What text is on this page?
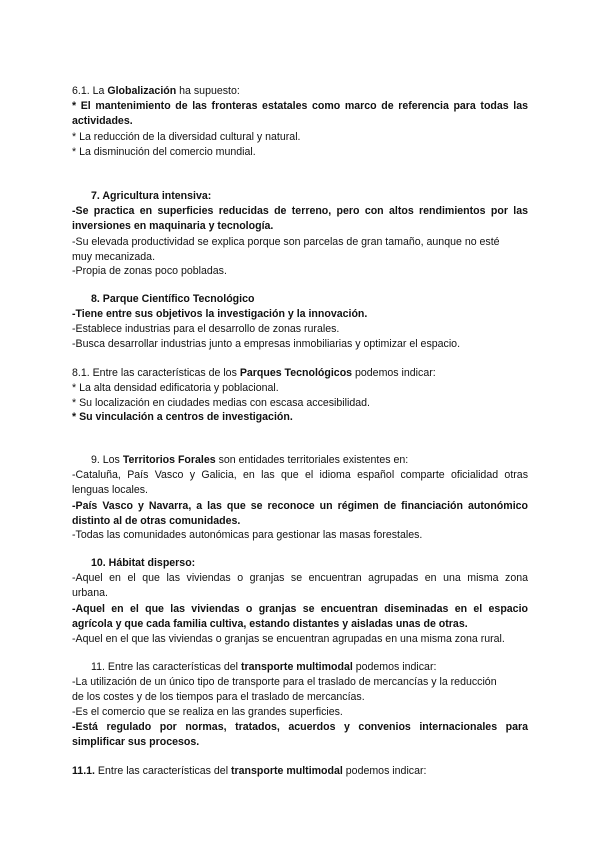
6.1. La Globalización ha supuesto:
* El mantenimiento de las fronteras estatales como marco de referencia para todas las
actividades.
* La reducción de la diversidad cultural y natural.
* La disminución del comercio mundial.
7. Agricultura intensiva:
-Se practica en superficies reducidas de terreno, pero con altos rendimientos por las
inversiones en maquinaria y tecnología.
-Su elevada productividad se explica porque son parcelas de gran tamaño, aunque no esté
muy mecanizada.
-Propia de zonas poco pobladas.
8. Parque Científico Tecnológico
-Tiene entre sus objetivos la investigación y la innovación.
-Establece industrias para el desarrollo de zonas rurales.
-Busca desarrollar industrias junto a empresas inmobiliarias y optimizar el espacio.
8.1. Entre las características de los Parques Tecnológicos podemos indicar:
* La alta densidad edificatoria y poblacional.
* Su localización en ciudades medias con escasa accesibilidad.
* Su vinculación a centros de investigación.
9. Los Territorios Forales son entidades territoriales existentes en:
-Cataluña, País Vasco y Galicia, en las que el idioma español comparte oficialidad otras
lenguas locales.
-País Vasco y Navarra, a las que se reconoce un régimen de financiación autonómico
distinto al de otras comunidades.
-Todas las comunidades autonómicas para gestionar las masas forestales.
10. Hábitat disperso:
-Aquel en el que las viviendas o granjas se encuentran agrupadas en una misma zona
urbana.
-Aquel en el que las viviendas o granjas se encuentran diseminadas en el espacio
agrícola y que cada familia cultiva, estando distantes y aisladas unas de otras.
-Aquel en el que las viviendas o granjas se encuentran agrupadas en una misma zona rural.
11. Entre las características del transporte multimodal podemos indicar:
-La utilización de un único tipo de transporte para el traslado de mercancías y la reducción
de los costes y de los tiempos para el traslado de mercancías.
-Es el comercio que se realiza en las grandes superficies.
-Está regulado por normas, tratados, acuerdos y convenios internacionales para
simplificar sus procesos.
11.1. Entre las características del transporte multimodal podemos indicar:
